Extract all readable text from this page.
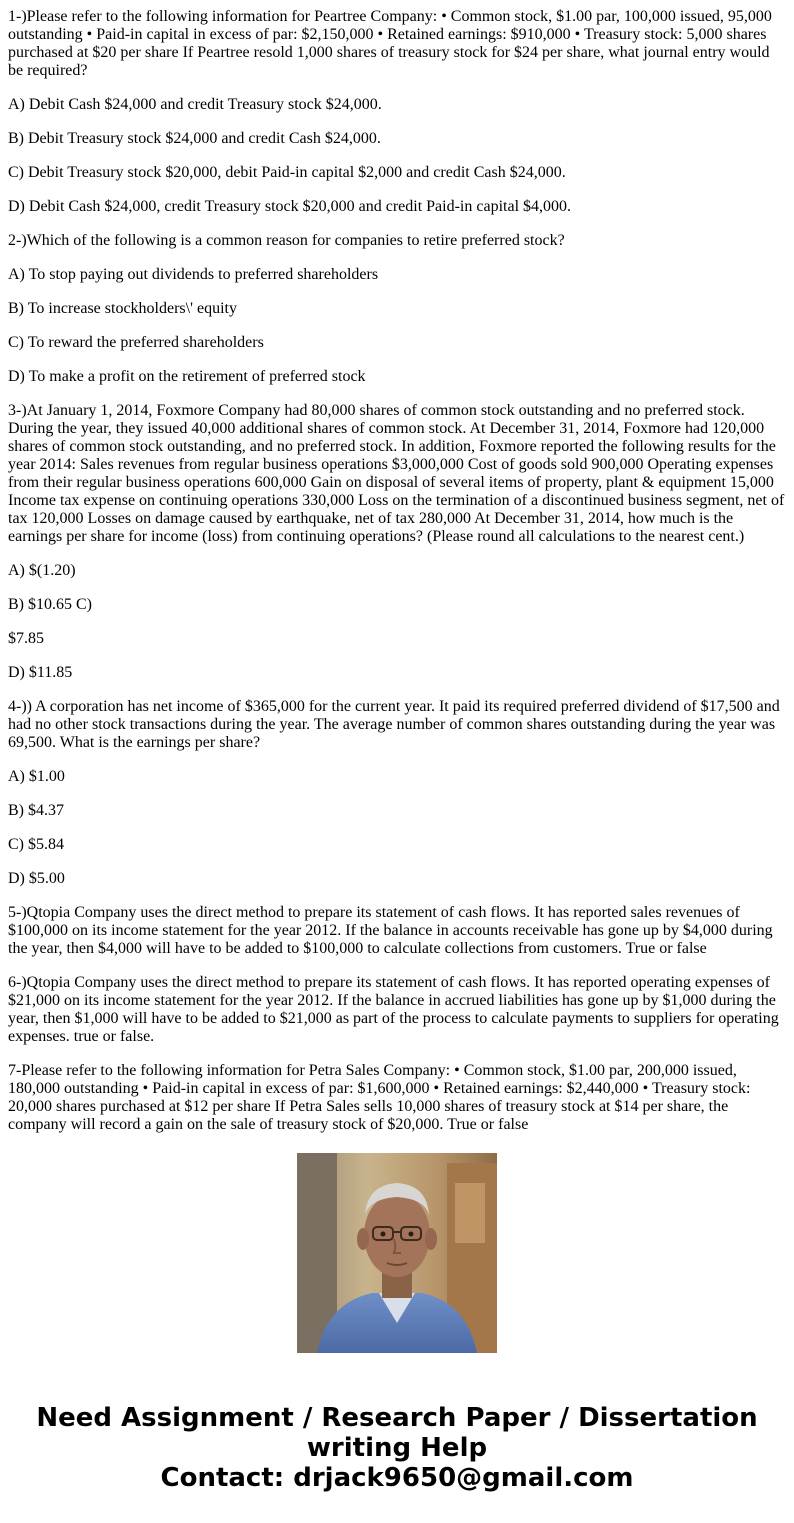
1-)Please refer to the following information for Peartree Company: • Common stock, $1.00 par, 100,000 issued, 95,000 outstanding • Paid-in capital in excess of par: $2,150,000 • Retained earnings: $910,000 • Treasury stock: 5,000 shares purchased at $20 per share If Peartree resold 1,000 shares of treasury stock for $24 per share, what journal entry would be required?

A) Debit Cash $24,000 and credit Treasury stock $24,000.

B) Debit Treasury stock $24,000 and credit Cash $24,000.

C) Debit Treasury stock $20,000, debit Paid-in capital $2,000 and credit Cash $24,000.

D) Debit Cash $24,000, credit Treasury stock $20,000 and credit Paid-in capital $4,000.

2-)Which of the following is a common reason for companies to retire preferred stock?

A) To stop paying out dividends to preferred shareholders

B) To increase stockholders\' equity

C) To reward the preferred shareholders

D) To make a profit on the retirement of preferred stock

3-)At January 1, 2014, Foxmore Company had 80,000 shares of common stock outstanding and no preferred stock. During the year, they issued 40,000 additional shares of common stock. At December 31, 2014, Foxmore had 120,000 shares of common stock outstanding, and no preferred stock. In addition, Foxmore reported the following results for the year 2014: Sales revenues from regular business operations $3,000,000 Cost of goods sold 900,000 Operating expenses from their regular business operations 600,000 Gain on disposal of several items of property, plant & equipment 15,000 Income tax expense on continuing operations 330,000 Loss on the termination of a discontinued business segment, net of tax 120,000 Losses on damage caused by earthquake, net of tax 280,000 At December 31, 2014, how much is the earnings per share for income (loss) from continuing operations? (Please round all calculations to the nearest cent.)

A) $(1.20)

B) $10.65 C)

$7.85

D) $11.85

4-)) A corporation has net income of $365,000 for the current year. It paid its required preferred dividend of $17,500 and had no other stock transactions during the year. The average number of common shares outstanding during the year was 69,500. What is the earnings per share?

A) $1.00

B) $4.37

C) $5.84

D) $5.00

5-)Qtopia Company uses the direct method to prepare its statement of cash flows. It has reported sales revenues of $100,000 on its income statement for the year 2012. If the balance in accounts receivable has gone up by $4,000 during the year, then $4,000 will have to be added to $100,000 to calculate collections from customers. True or false

6-)Qtopia Company uses the direct method to prepare its statement of cash flows. It has reported operating expenses of $21,000 on its income statement for the year 2012. If the balance in accrued liabilities has gone up by $1,000 during the year, then $1,000 will have to be added to $21,000 as part of the process to calculate payments to suppliers for operating expenses. true or false.

7-Please refer to the following information for Petra Sales Company: • Common stock, $1.00 par, 200,000 issued, 180,000 outstanding • Paid-in capital in excess of par: $1,600,000 • Retained earnings: $2,440,000 • Treasury stock: 20,000 shares purchased at $12 per share If Petra Sales sells 10,000 shares of treasury stock at $14 per share, the company will record a gain on the sale of treasury stock of $20,000. True or false

Need Assignment / Research Paper / Dissertation
writing Help
Contact: drjack9650@gmail.com
